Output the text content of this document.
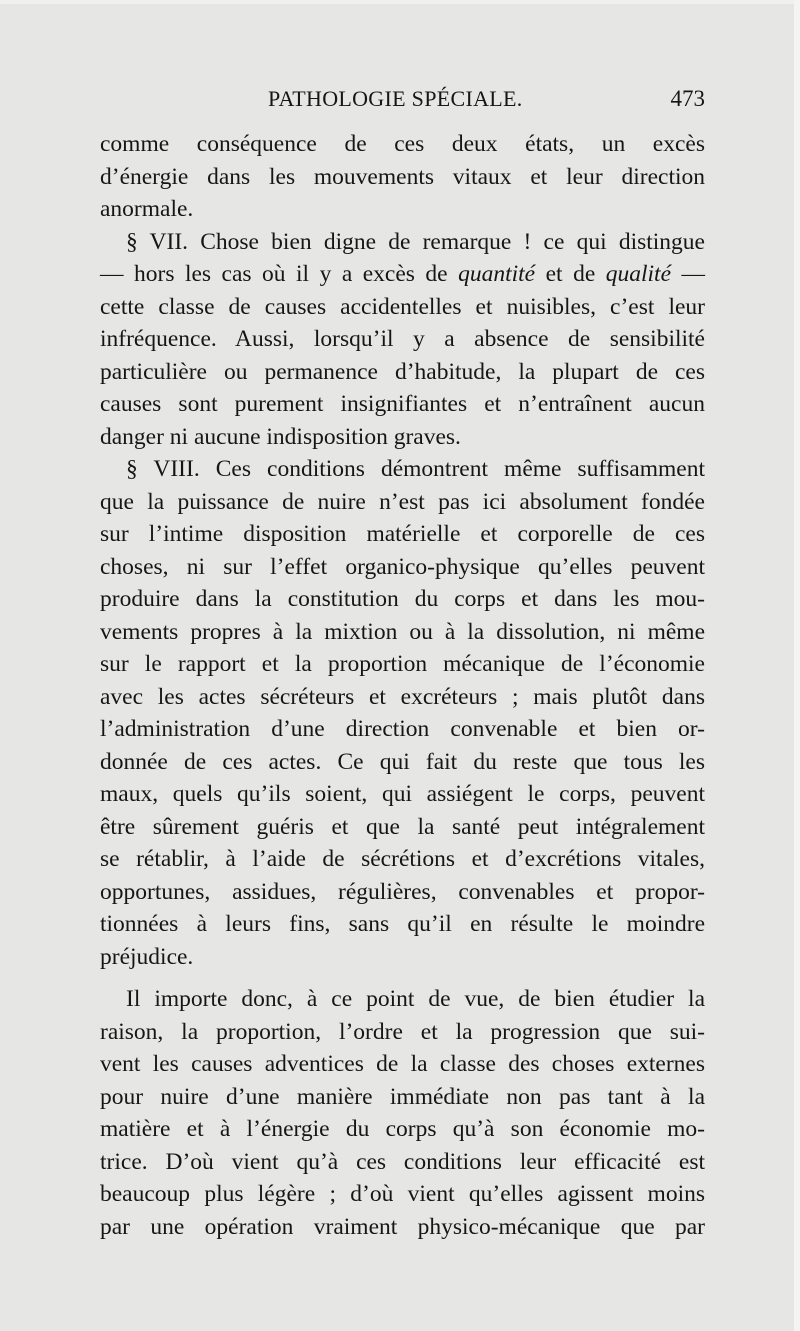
PATHOLOGIE SPÉCIALE.	473
comme conséquence de ces deux états, un excès
d’énergie dans les mouvements vitaux et leur direction
anormale.
§ VII. Chose bien digne de remarque ! ce qui distingue
— hors les cas où il y a excès de quantité et de qualité —
cette classe de causes accidentelles et nuisibles, c’est leur
infréquence. Aussi, lorsqu’il y a absence de sensibilité
particulière ou permanence d’habitude, la plupart de ces
causes sont purement insignifiantes et n’entraînent aucun
danger ni aucune indisposition graves.
§ VIII. Ces conditions démontrent même suffisamment
que la puissance de nuire n’est pas ici absolument fondée
sur l’intime disposition matérielle et corporelle de ces
choses, ni sur l’effet organico-physique qu’elles peuvent
produire dans la constitution du corps et dans les mou-
vements propres à la mixtion ou à la dissolution, ni même
sur le rapport et la proportion mécanique de l’économie
avec les actes sécréteurs et excréteurs ; mais plutôt dans
l’administration d’une direction convenable et bien or-
donnée de ces actes. Ce qui fait du reste que tous les
maux, quels qu’ils soient, qui assiégent le corps, peuvent
être sûrement guéris et que la santé peut intégralement
se rétablir, à l’aide de sécrétions et d’excrétions vitales,
opportunes, assidues, régulières, convenables et propor-
tionnées à leurs fins, sans qu’il en résulte le moindre
préjudice.
Il importe donc, à ce point de vue, de bien étudier la
raison, la proportion, l’ordre et la progression que sui-
vent les causes adventices de la classe des choses externes
pour nuire d’une manière immédiate non pas tant à la
matière et à l’énergie du corps qu’à son économie mo-
trice. D’où vient qu’à ces conditions leur efficacité est
beaucoup plus légère ; d’où vient qu’elles agissent moins
par une opération vraiment physico-mécanique que par
